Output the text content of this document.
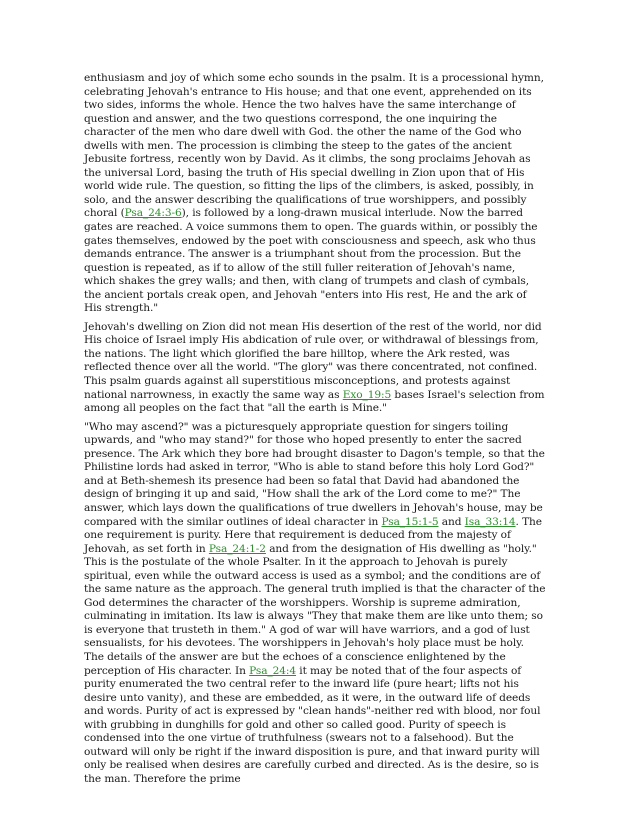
enthusiasm and joy of which some echo sounds in the psalm. It is a processional hymn, celebrating Jehovah's entrance to His house; and that one event, apprehended on its two sides, informs the whole. Hence the two halves have the same interchange of question and answer, and the two questions correspond, the one inquiring the character of the men who dare dwell with God. the other the name of the God who dwells with men. The procession is climbing the steep to the gates of the ancient Jebusite fortress, recently won by David. As it climbs, the song proclaims Jehovah as the universal Lord, basing the truth of His special dwelling in Zion upon that of His world wide rule. The question, so fitting the lips of the climbers, is asked, possibly, in solo, and the answer describing the qualifications of true worshippers, and possibly choral (Psa_24:3-6), is followed by a long-drawn musical interlude. Now the barred gates are reached. A voice summons them to open. The guards within, or possibly the gates themselves, endowed by the poet with consciousness and speech, ask who thus demands entrance. The answer is a triumphant shout from the procession. But the question is repeated, as if to allow of the still fuller reiteration of Jehovah's name, which shakes the grey walls; and then, with clang of trumpets and clash of cymbals, the ancient portals creak open, and Jehovah "enters into His rest, He and the ark of His strength."

Jehovah's dwelling on Zion did not mean His desertion of the rest of the world, nor did His choice of Israel imply His abdication of rule over, or withdrawal of blessings from, the nations. The light which glorified the bare hilltop, where the Ark rested, was reflected thence over all the world. "The glory" was there concentrated, not confined. This psalm guards against all superstitious misconceptions, and protests against national narrowness, in exactly the same way as Exo_19:5 bases Israel's selection from among all peoples on the fact that "all the earth is Mine."

"Who may ascend?" was a picturesquely appropriate question for singers toiling upwards, and "who may stand?" for those who hoped presently to enter the sacred presence. The Ark which they bore had brought disaster to Dagon's temple, so that the Philistine lords had asked in terror, "Who is able to stand before this holy Lord God?" and at Beth-shemesh its presence had been so fatal that David had abandoned the design of bringing it up and said, "How shall the ark of the Lord come to me?" The answer, which lays down the qualifications of true dwellers in Jehovah's house, may be compared with the similar outlines of ideal character in Psa_15:1-5 and Isa_33:14. The one requirement is purity. Here that requirement is deduced from the majesty of Jehovah, as set forth in Psa_24:1-2 and from the designation of His dwelling as "holy." This is the postulate of the whole Psalter. In it the approach to Jehovah is purely spiritual, even while the outward access is used as a symbol; and the conditions are of the same nature as the approach. The general truth implied is that the character of the God determines the character of the worshippers. Worship is supreme admiration, culminating in imitation. Its law is always "They that make them are like unto them; so is everyone that trusteth in them." A god of war will have warriors, and a god of lust sensualists, for his devotees. The worshippers in Jehovah's holy place must be holy. The details of the answer are but the echoes of a conscience enlightened by the perception of His character. In Psa_24:4 it may be noted that of the four aspects of purity enumerated the two central refer to the inward life (pure heart; lifts not his desire unto vanity), and these are embedded, as it were, in the outward life of deeds and words. Purity of act is expressed by "clean hands"-neither red with blood, nor foul with grubbing in dunghills for gold and other so called good. Purity of speech is condensed into the one virtue of truthfulness (swears not to a falsehood). But the outward will only be right if the inward disposition is pure, and that inward purity will only be realised when desires are carefully curbed and directed. As is the desire, so is the man. Therefore the prime
